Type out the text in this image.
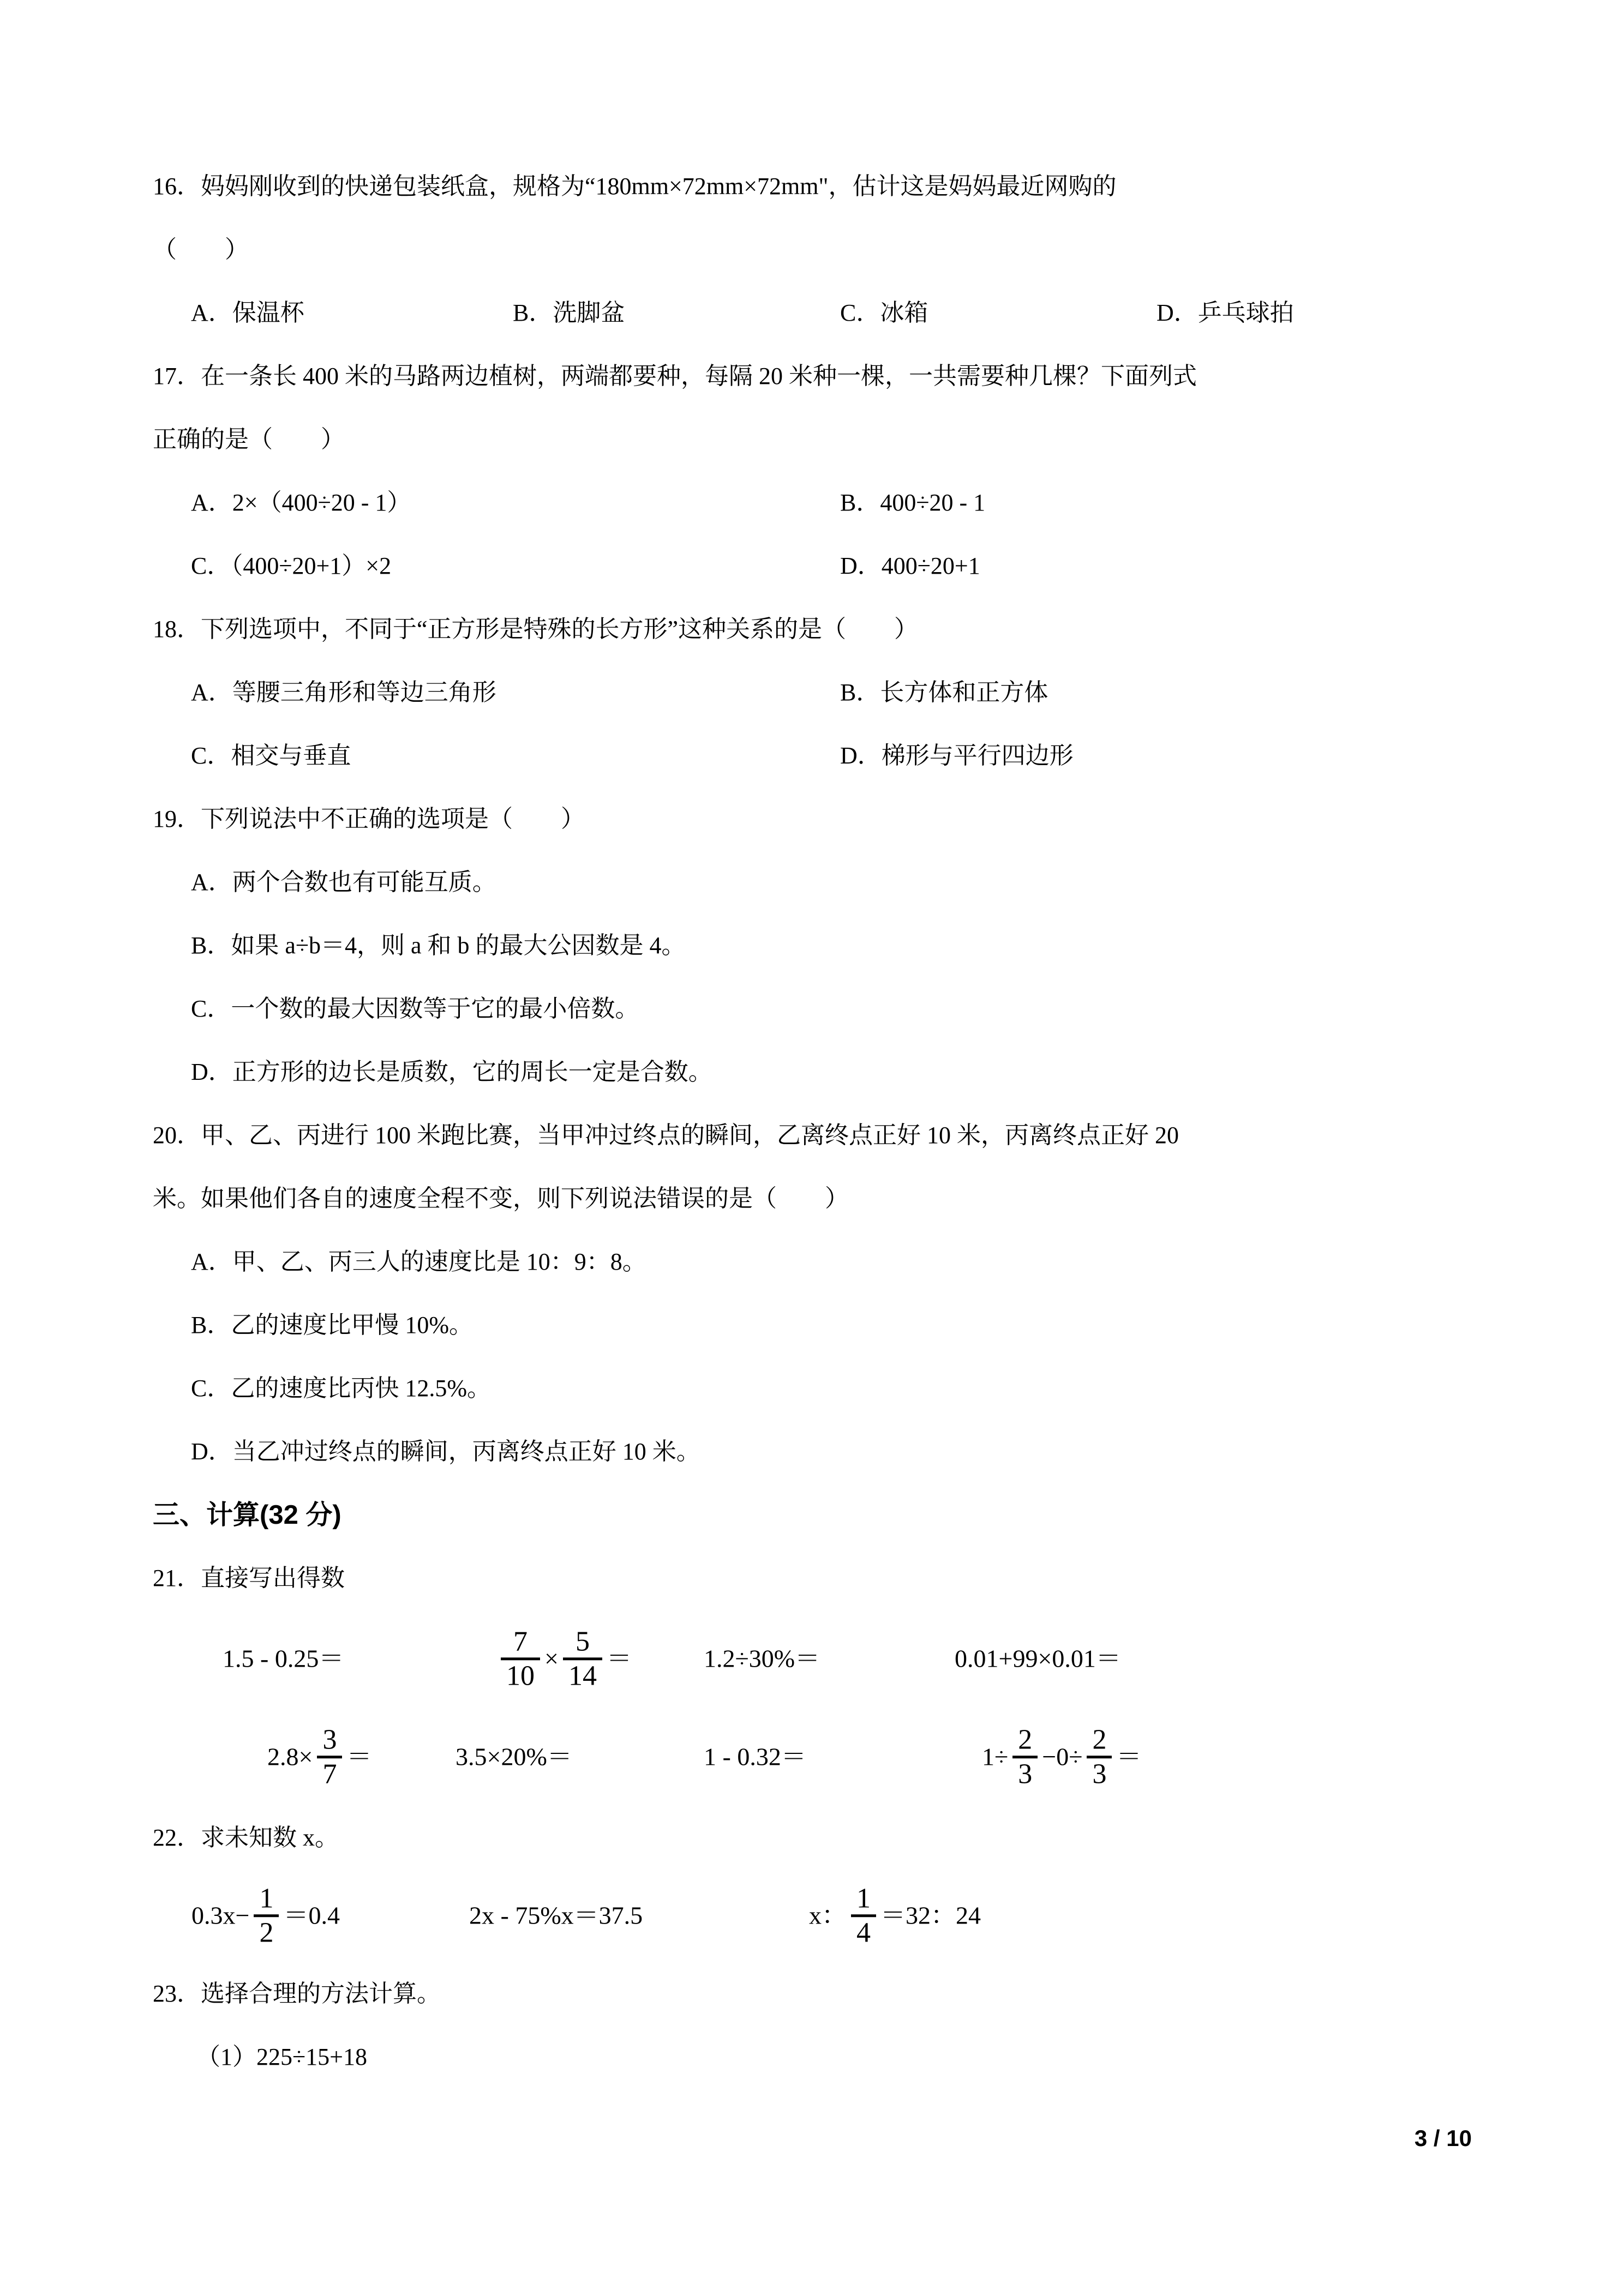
16．妈妈刚收到的快递包装纸盒，规格为“180mm×72mm×72mm"，估计这是妈妈最近网购的
（　　）
A．保温杯	B．洗脚盆	C．冰箱	D．乒乓球拍
17．在一条长 400 米的马路两边植树，两端都要种，每隔 20 米种一棵，一共需要种几棵？下面列式
正确的是（　　）
A．2×（400÷20 - 1）	B．400÷20 - 1
C．（400÷20+1）×2	D．400÷20+1
18．下列选项中，不同于“正方形是特殊的长方形”这种关系的是（　　）
A．等腰三角形和等边三角形	B．长方体和正方体
C．相交与垂直	D．梯形与平行四边形
19．下列说法中不正确的选项是（　　）
A．两个合数也有可能互质。
B．如果 a÷b＝4，则 a 和 b 的最大公因数是 4。
C．一个数的最大因数等于它的最小倍数。
D．正方形的边长是质数，它的周长一定是合数。
20．甲、乙、丙进行 100 米跑比赛，当甲冲过终点的瞬间，乙离终点正好 10 米，丙离终点正好 20
米。如果他们各自的速度全程不变，则下列说法错误的是（　　）
A．甲、乙、丙三人的速度比是 10：9：8。
B．乙的速度比甲慢 10%。
C．乙的速度比丙快 12.5%。
D．当乙冲过终点的瞬间，丙离终点正好 10 米。
三、计算(32 分)
21．直接写出得数
1.5 - 0.25＝	$\frac{7}{10} \times \frac{5}{14}$ ＝	1.2÷30%＝	0.01+99×0.01＝
$2.8\times \frac{3}{7}$ ＝	3.5×20%＝	1 - 0.32＝	$1\div \frac{2}{3} -0\div \frac{2}{3}$ ＝
22．求未知数 x。
$0.3x- \frac{1}{2} =0.4$	2x - 75%x＝37.5	x： $\frac{1}{4} =32$：24
23．选择合理的方法计算。
（1）225÷15+18
3 / 10
